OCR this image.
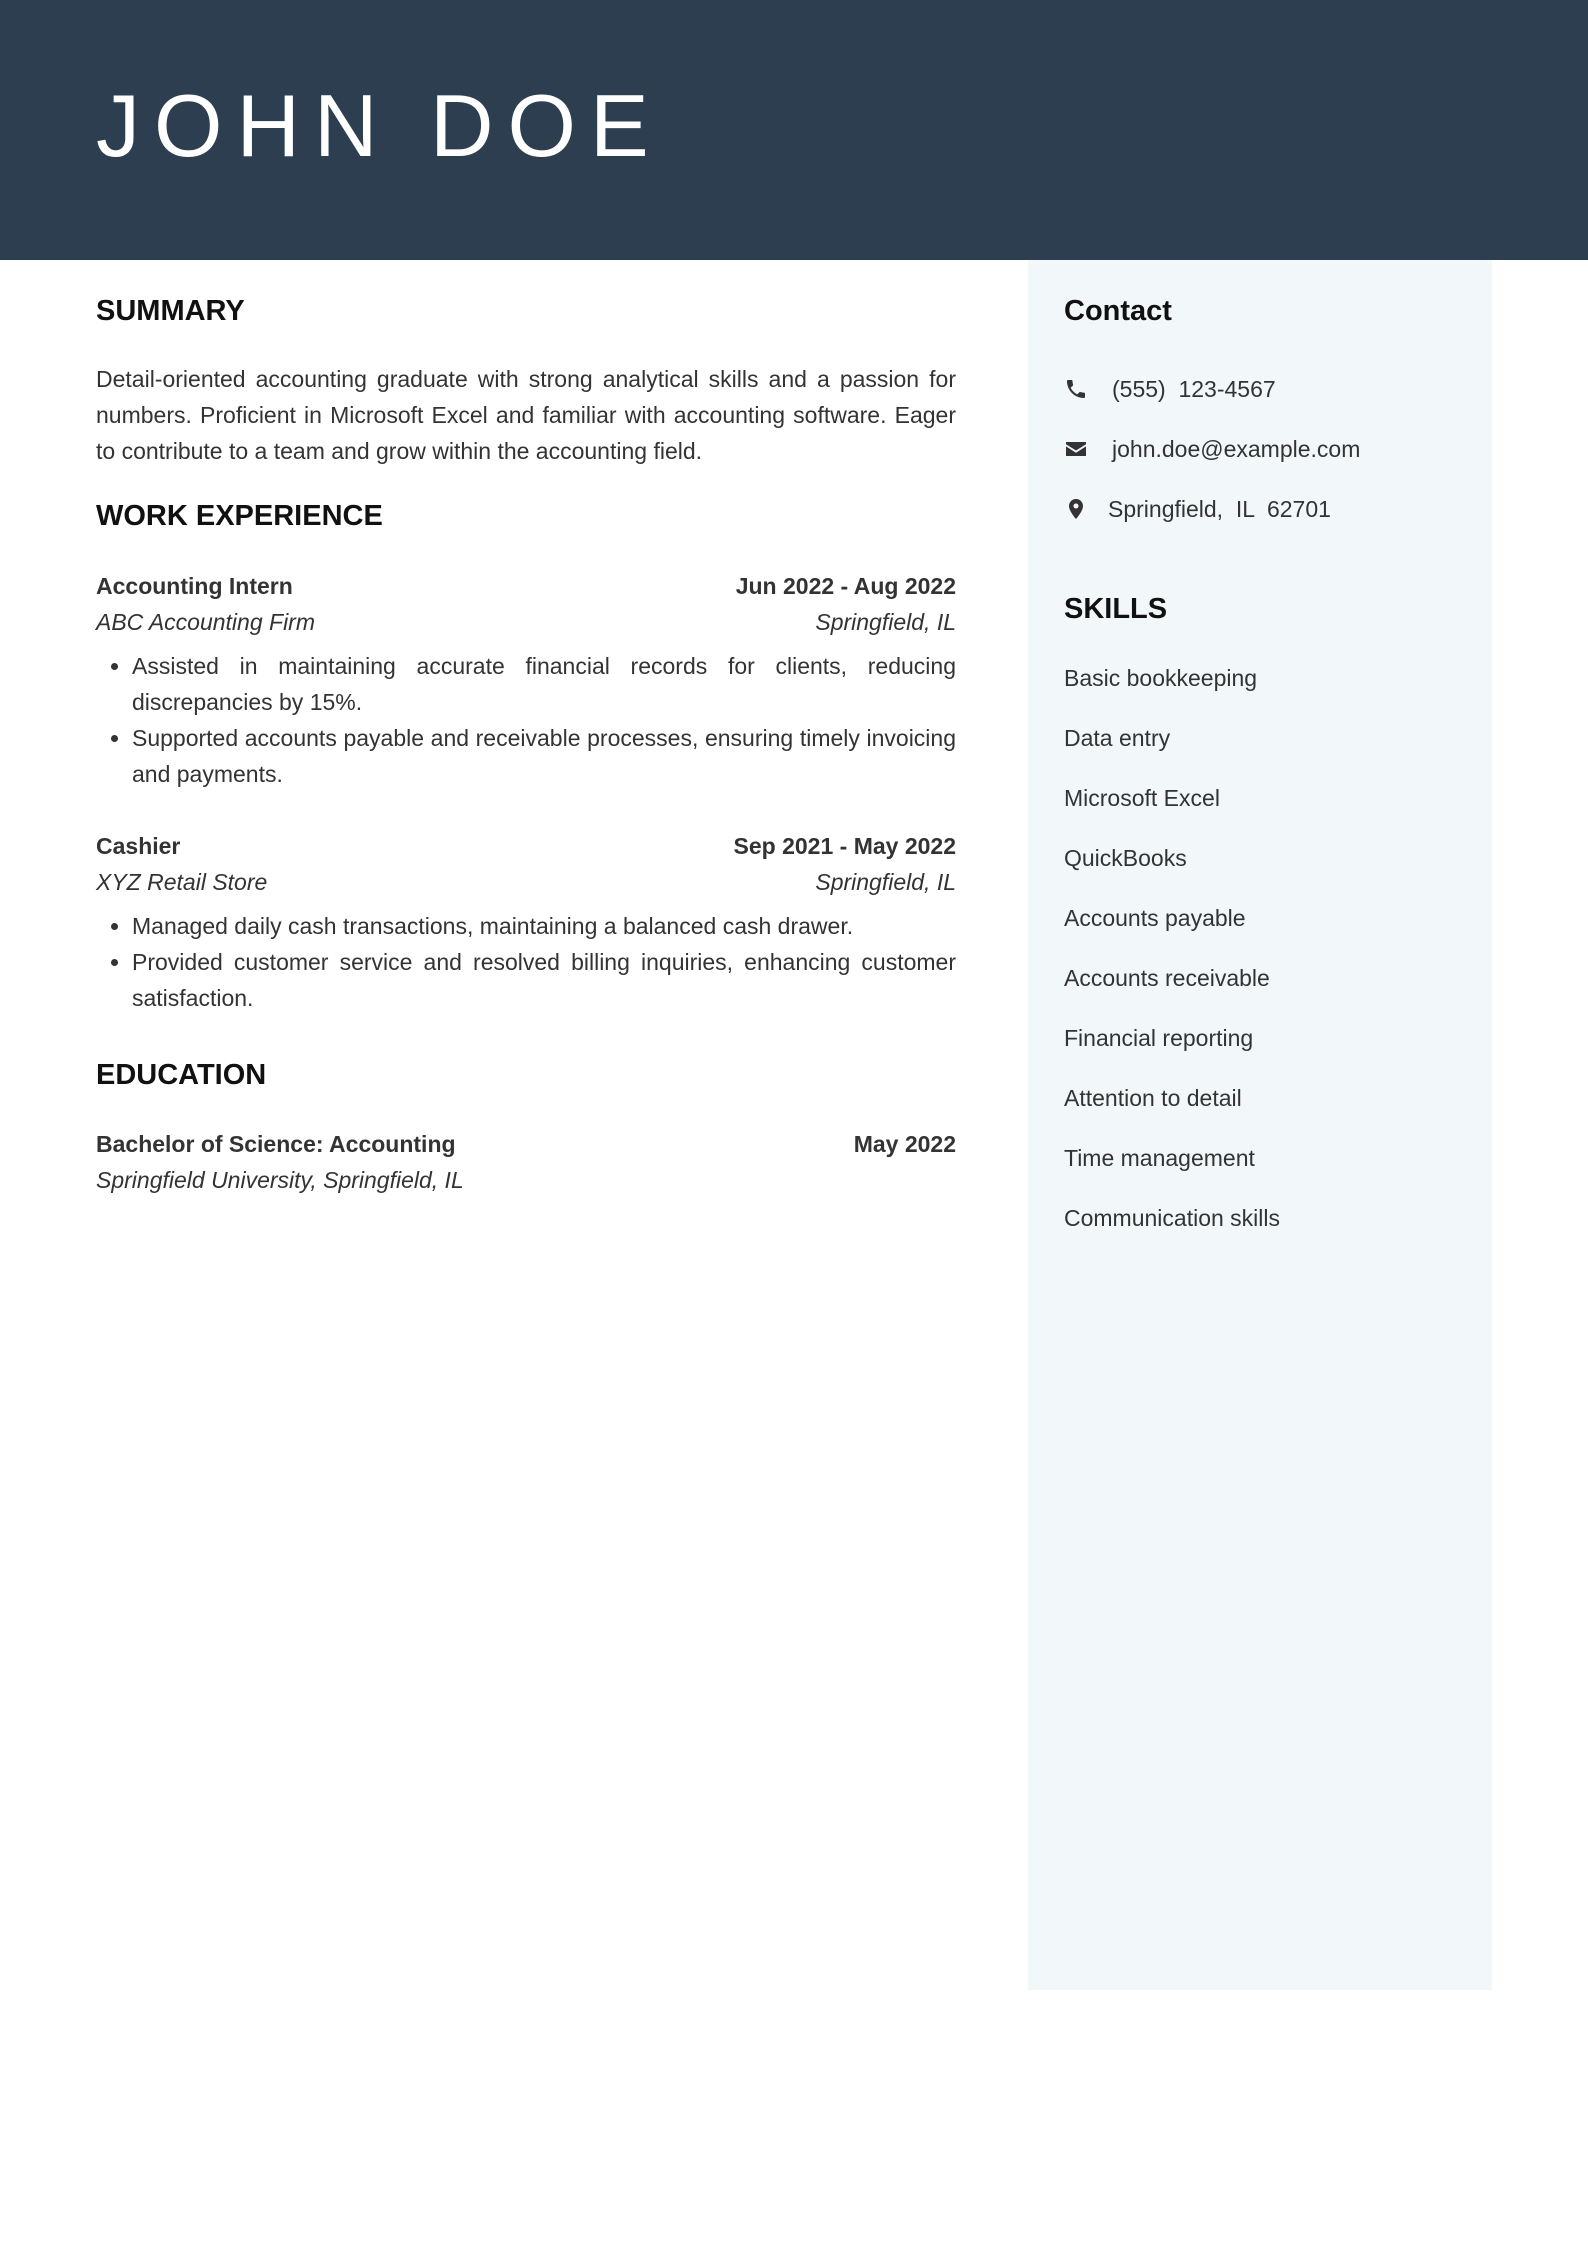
JOHN DOE
SUMMARY

Detail-oriented accounting graduate with strong analytical skills and a passion for numbers. Proficient in Microsoft Excel and familiar with accounting software. Eager to contribute to a team and grow within the accounting field.

WORK EXPERIENCE
Accounting Intern	Jun 2022 - Aug 2022
ABC Accounting Firm	Springfield, IL
• Assisted in maintaining accurate financial records for clients, reducing discrepancies by 15%.
• Supported accounts payable and receivable processes, ensuring timely invoicing and payments.
Cashier	Sep 2021 - May 2022
XYZ Retail Store	Springfield, IL
• Managed daily cash transactions, maintaining a balanced cash drawer.
• Provided customer service and resolved billing inquiries, enhancing customer satisfaction.
EDUCATION
Bachelor of Science: Accounting	May 2022
Springfield University, Springfield, IL
Contact
(555)  123-4567
john.doe@example.com
Springfield,  IL  62701
SKILLS
Basic bookkeeping
Data entry
Microsoft Excel
QuickBooks
Accounts payable
Accounts receivable
Financial reporting
Attention to detail
Time management
Communication skills
